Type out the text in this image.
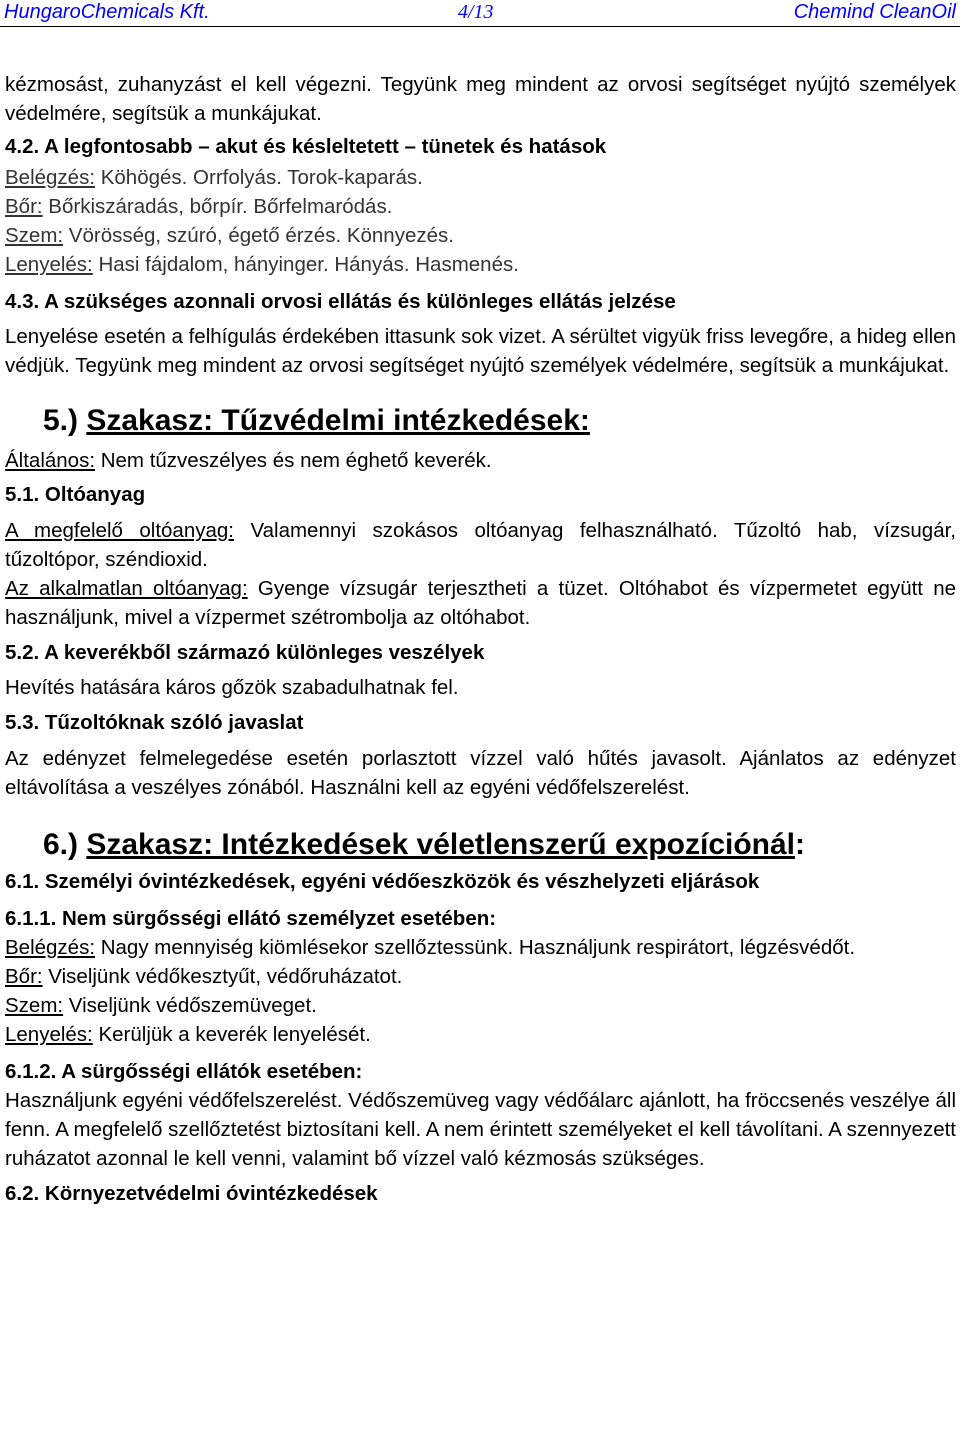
HungaroChemicals Kft.	4/13	Chemind CleanOil

kézmosást, zuhanyzást el kell végezni. Tegyünk meg mindent az orvosi segítséget nyújtó személyek védelmére, segítsük a munkájukat.

4.2. A legfontosabb – akut és késleltetett – tünetek és hatások

Belégzés: Köhögés. Orrfolyás. Torok-kaparás.

Bőr: Bőrkiszáradás, bőrpír. Bőrfelmaródás.

Szem: Vörösség, szúró, égető érzés. Könnyezés.

Lenyelés: Hasi fájdalom, hányinger. Hányás. Hasmenés.

4.3. A szükséges azonnali orvosi ellátás és különleges ellátás jelzése

Lenyelése esetén a felhígulás érdekében ittasunk sok vizet. A sérültet vigyük friss levegőre, a hideg ellen védjük. Tegyünk meg mindent az orvosi segítséget nyújtó személyek védelmére, segítsük a munkájukat.

5.) Szakasz: Tűzvédelmi intézkedések:

Általános: Nem tűzveszélyes és nem éghető keverék.

5.1. Oltóanyag

A megfelelő oltóanyag: Valamennyi szokásos oltóanyag felhasználható. Tűzoltó hab, vízsugár, tűzoltópor, széndioxid.

Az alkalmatlan oltóanyag: Gyenge vízsugár terjesztheti a tüzet. Oltóhabot és vízpermetet együtt ne használjunk, mivel a vízpermet szétrombolja az oltóhabot.

5.2. A keverékből származó különleges veszélyek

Hevítés hatására káros gőzök szabadulhatnak fel.

5.3. Tűzoltóknak szóló javaslat

Az edényzet felmelegedése esetén porlasztott vízzel való hűtés javasolt. Ajánlatos az edényzet eltávolítása a veszélyes zónából. Használni kell az egyéni védőfelszerelést.

6.) Szakasz: Intézkedések véletlenszerű expozíciónál:

6.1. Személyi óvintézkedések, egyéni védőeszközök és vészhelyzeti eljárások

6.1.1. Nem sürgősségi ellátó személyzet esetében:

Belégzés: Nagy mennyiség kiömlésekor szellőztessünk. Használjunk respirátort, légzésvédőt.

Bőr: Viseljünk védőkesztyűt, védőruházatot.

Szem: Viseljünk védőszemüveget.

Lenyelés: Kerüljük a keverék lenyelését.

6.1.2. A sürgősségi ellátók esetében:

Használjunk egyéni védőfelszerelést. Védőszemüveg vagy védőálarc ajánlott, ha fröccsenés veszélye áll fenn. A megfelelő szellőztetést biztosítani kell. A nem érintett személyeket el kell távolítani. A szennyezett ruházatot azonnal le kell venni, valamint bő vízzel való kézmosás szükséges.

6.2. Környezetvédelmi óvintézkedések
